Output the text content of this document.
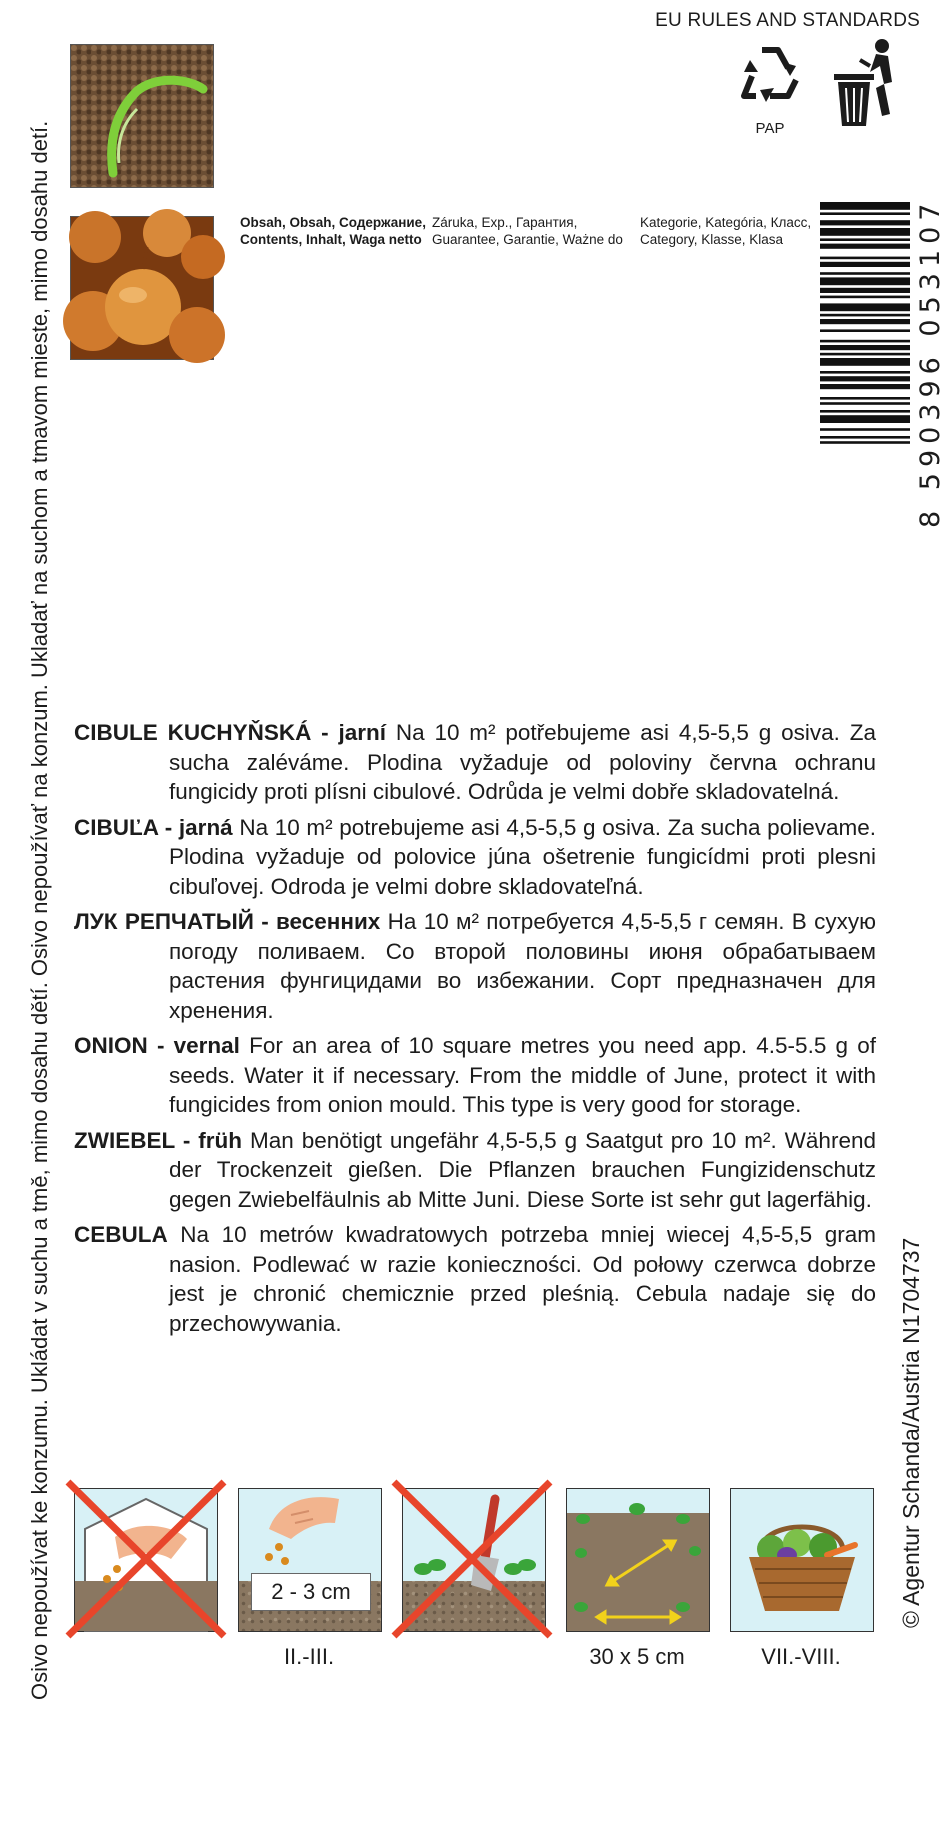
Osivo nepoužívat ke konzumu. Ukládat v suchu a tmě, mimo dosahu dětí. Osivo nepoužívať na konzum. Ukladať na suchom a tmavom mieste, mimo dosahu detí.	© Agentur Schanda/Austria N1704737
EU RULES AND STANDARDS
PAP
Obsah, Obsah, Содержание,
Contents, Inhalt, Waga netto
Záruka, Exp., Гарантия,
Guarantee, Garantie, Ważne do
Kategorie, Kategória, Класс,
Category, Klasse, Klasa	8 590396 053107

CIBULE KUCHYŇSKÁ - jarní Na 10 m² potřebujeme asi 4,5-5,5 g osiva. Za sucha zaléváme. Plodina vyžaduje od poloviny června ochranu fungicidy proti plísni cibulové. Odrůda je velmi dobře skladovatelná.

CIBUĽA - jarná Na 10 m² potrebujeme asi 4,5-5,5 g osiva. Za sucha polievame. Plodina vyžaduje od polovice júna ošetrenie fungicídmi proti plesni cibuľovej. Odroda je velmi dobre skladovateľná.

ЛУК РЕПЧАТЫЙ - весенних На 10 м² потребуется 4,5-5,5 г семян. В сухую погоду поливаем. Со второй половины июня обрабатываем растения фунгицидами во избежании. Сорт предназначен для хренения.

ONION - vernal For an area of 10 square metres you need app. 4.5-5.5 g of seeds. Water it if necessary. From the middle of June, protect it with fungicides from onion mould. This type is very good for storage.

ZWIEBEL - früh Man benötigt ungefähr 4,5-5,5 g Saatgut pro 10 m². Während der Trockenzeit gießen. Die Pflanzen brauchen Fungizidenschutz gegen Zwiebelfäulnis ab Mitte Juni. Diese Sorte ist sehr gut lagerfähig.

CEBULA Na 10 metrów kwadratowych potrzeba mniej wiecej 4,5-5,5 gram nasion. Podlewać w razie konieczności. Od połowy czerwca dobrze jest je chronić chemicznie przed pleśnią. Cebula nadaje się do przechowywania.

2 - 3 cm
II.-III.	30 x 5 cm	VII.-VIII.
